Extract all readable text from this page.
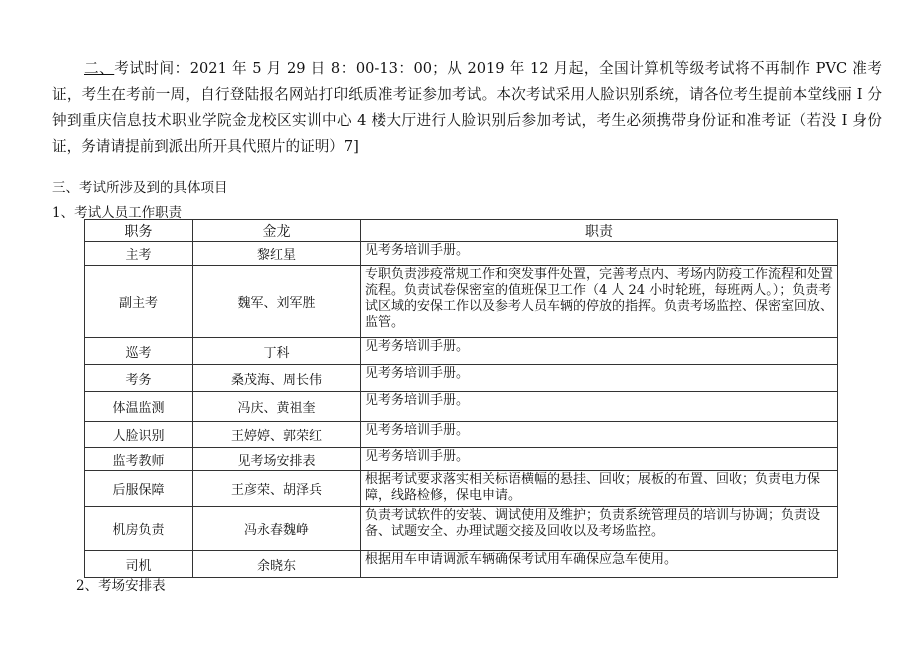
二、考试时间：2021 年 5 月 29 日 8：00-13：00；从 2019 年 12 月起，全国计算机等级考试将不再制作 PVC 准考证，考生在考前一周，自行登陆报名网站打印纸质准考证参加考试。本次考试采用人脸识别系统，请各位考生提前本堂线丽 I 分钟到重庆信息技术职业学院金龙校区实训中心 4 楼大厅进行人脸识别后参加考试，考生必须携带身份证和准考证（若没 I 身份证，务请请提前到派出所开具代照片的证明）7]
三、考试所涉及到的具体项目
1、考试人员工作职责
职务	金龙	职责
主考	黎红星	见考务培训手册。
副主考	魏军、刘军胜	专职负责涉疫常规工作和突发事件处置，完善考点内、考场内防疫工作流程和处置流程。负责试卷保密室的值班保卫工作（4 人 24 小时轮班，每班两人。）；负责考试区域的安保工作以及参考人员车辆的停放的指挥。负责考场监控、保密室回放、监管。
巡考	丁科	见考务培训手册。
考务	桑茂海、周长伟	见考务培训手册。
体温监测	冯庆、黄祖奎	见考务培训手册。
人脸识别	王婷婷、郭荣红	见考务培训手册。
监考教师	见考场安排表	见考务培训手册。
后服保障	王彦荣、胡泽兵	根据考试要求落实相关标语横幅的悬挂、回收；展板的布置、回收；负责电力保障，线路检修，保电申请。
机房负责	冯永春魏峥	负责考试软件的安装、调试使用及维护；负责系统管理员的培训与协调；负责设备、试题安全、办理试题交接及回收以及考场监控。
司机	余晓东	根据用车申请调派车辆确保考试用车确保应急车使用。
2、考场安排表
